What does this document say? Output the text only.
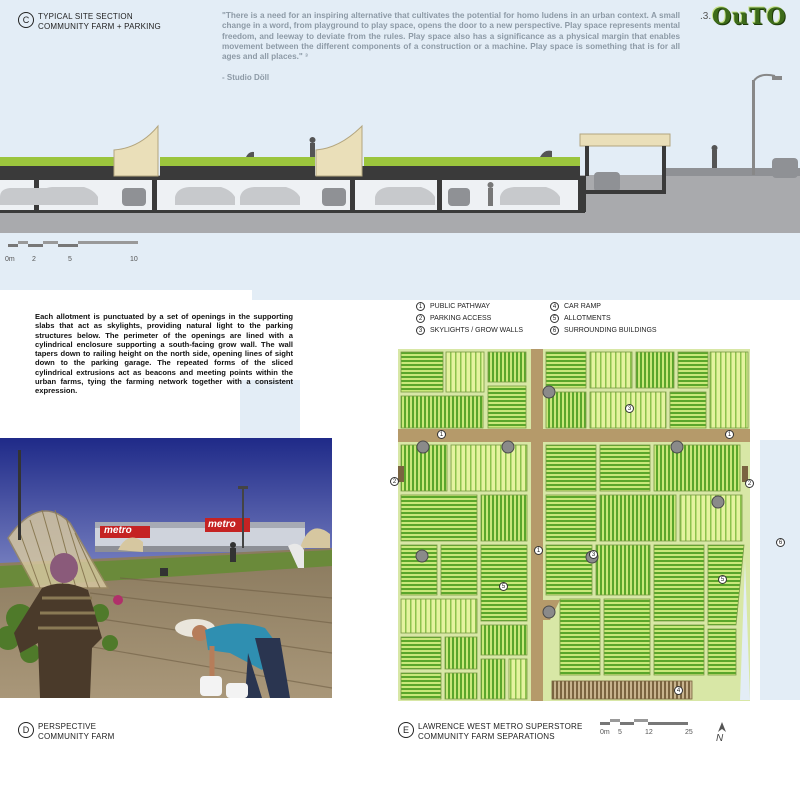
C	TYPICAL SITE SECTION
COMMUNITY FARM + PARKING
"There is a need for an inspiring alternative that cultivates the potential for homo ludens in an urban context. A small change in a word, from playground to play space, opens the door to a new perspective. Play space represents mental freedom, and leeway to deviate from the rules. Play space also has a significance as a physical margin that enables movement between the different components of a construction or a machine. Play space is something that is for all ages and all places." ³
- Studio Döll
.3. OuTO
0m 2	5	10
Each allotment is punctuated by a set of openings in the supporting slabs that act as skylights, providing natural light to the parking structures below. The perimeter of the openings are lined with a cylindrical enclosure supporting a south-facing grow wall. The wall tapers down to railing height on the north side, opening lines of sight down to the parking garage. The repeated forms of the sliced cylindrical extrusions act as beacons and meeting points within the urban farms, tying the farming network together with a consistent expression.
1	PUBLIC PATHWAY	4	CAR RAMP
2	PARKING ACCESS	5	ALLOTMENTS
3	SKYLIGHTS / GROW WALLS	6	SURROUNDING BUILDINGS
metro
metro
D	PERSPECTIVE
COMMUNITY FARM
1	1
1
2	2
3
3
4
5
5
6
E	LAWRENCE WEST METRO SUPERSTORE
COMMUNITY FARM SEPARATIONS	0m 5	12	25
N
